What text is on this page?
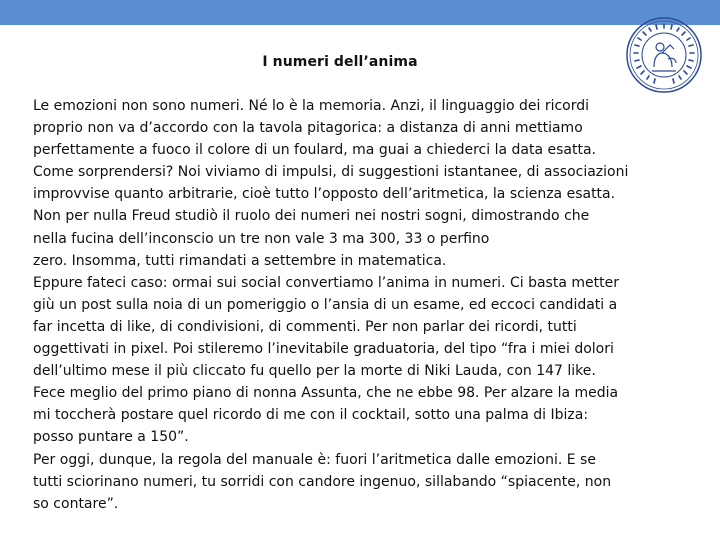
I numeri dell’anima
Le emozioni non sono numeri. Né lo è la memoria. Anzi, il linguaggio dei ricordi
proprio non va d’accordo con la tavola pitagorica: a distanza di anni mettiamo
perfettamente a fuoco il colore di un foulard, ma guai a chiederci la data esatta.
Come sorprendersi? Noi viviamo di impulsi, di suggestioni istantanee, di associazioni
improvvise quanto arbitrarie, cioè tutto l’opposto dell’aritmetica, la scienza esatta.
Non per nulla Freud studiò il ruolo dei numeri nei nostri sogni, dimostrando che
nella fucina dell’inconscio un tre non vale 3 ma 300, 33 o perfino
zero. Insomma, tutti rimandati a settembre in matematica.
Eppure fateci caso: ormai sui social convertiamo l’anima in numeri. Ci basta metter
giù un post sulla noia di un pomeriggio o l’ansia di un esame, ed eccoci candidati a
far incetta di like, di condivisioni, di commenti. Per non parlar dei ricordi, tutti
oggettivati in pixel. Poi stileremo l’inevitabile graduatoria, del tipo “fra i miei dolori
dell’ultimo mese il più cliccato fu quello per la morte di Niki Lauda, con 147 like.
Fece meglio del primo piano di nonna Assunta, che ne ebbe 98. Per alzare la media
mi toccherà postare quel ricordo di me con il cocktail, sotto una palma di Ibiza:
posso puntare a 150”.
Per oggi, dunque, la regola del manuale è: fuori l’aritmetica dalle emozioni. E se
tutti sciorinano numeri, tu sorridi con candore ingenuo, sillabando “spiacente, non
so contare”.
